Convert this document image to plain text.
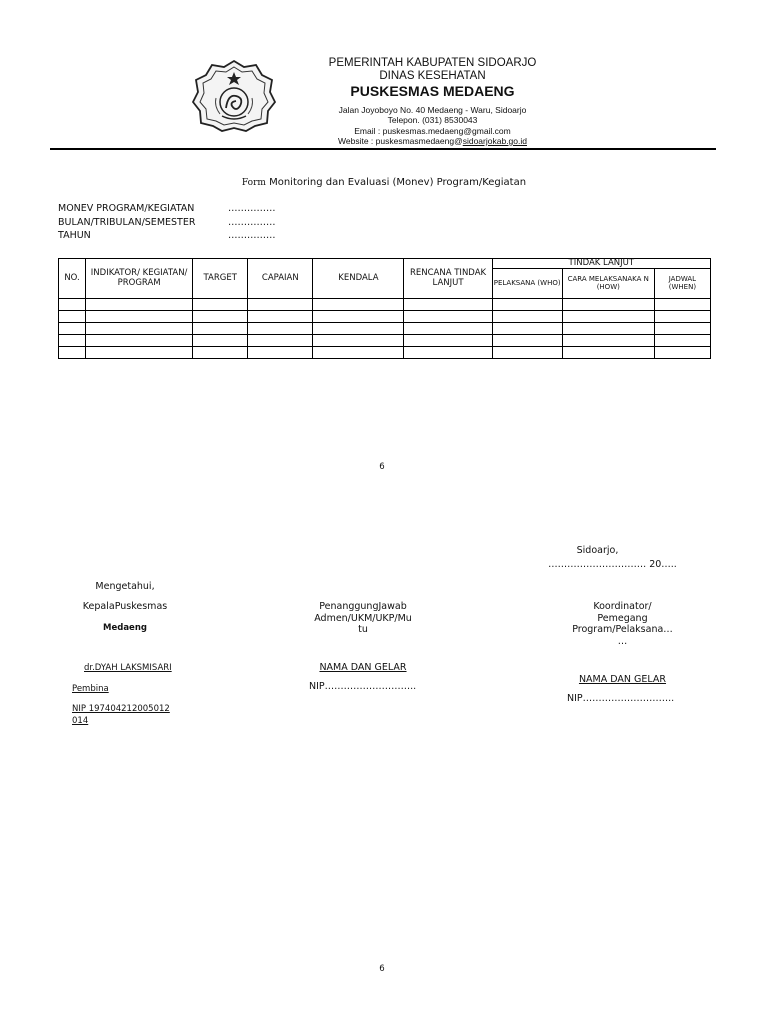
PEMERINTAH KABUPATEN SIDOARJO
DINAS KESEHATAN
PUSKESMAS MEDAENG
Jalan Joyoboyo No. 40 Medaeng - Waru, Sidoarjo
Telepon. (031) 8530043
Email : puskesmas.medaeng@gmail.com
Website : puskesmasmedaeng@sidoarjokab.go.id
Form Monitoring dan Evaluasi (Monev) Program/Kegiatan
MONEV PROGRAM/KEGIATAN	……………
BULAN/TRIBULAN/SEMESTER	……………
TAHUN	……………
NO.	INDIKATOR/ KEGIATAN/ PROGRAM	TARGET	CAPAIAN	KENDALA	RENCANA TINDAK LANJUT	TINDAK LANJUT		
						PELAKSANA (WHO)	CARA MELAKSANAKA N (HOW)	JADWAL (WHEN)

6
Sidoarjo,
…………………………. 20…..
Mengetahui,
KepalaPuskesmas
Medaeng
dr.DYAH LAKSMISARI
Pembina
NIP 197404212005012
014
PenanggungJawab
Admen/UKM/UKP/Mu
tu
NAMA DAN GELAR
NIP………………………..
Koordinator/
Pemegang
Program/Pelaksana…
…
NAMA DAN GELAR
NIP………………………..
6
